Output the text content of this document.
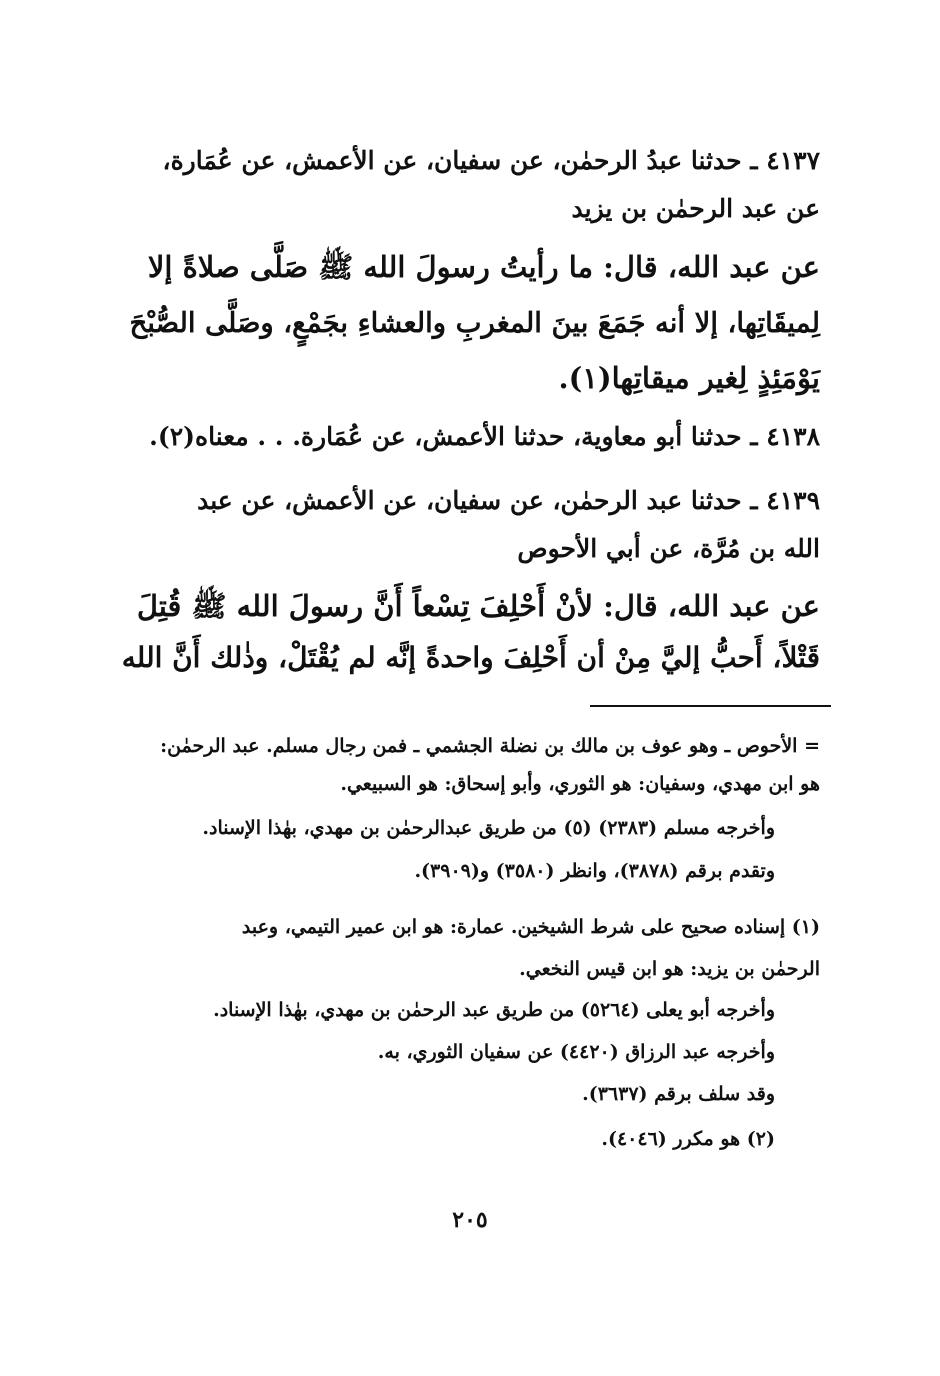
٤١٣٧ ـ حدثنا عبدُ الرحمٰن، عن سفيان، عن الأعمش، عن عُمَارة،
عن عبد الرحمٰن بن يزيد
عن عبد الله، قال: ما رأيتُ رسولَ الله ﷺ صَلَّى صلاةً إلا
لِميقَاتِها، إلا أنه جَمَعَ بينَ المغربِ والعشاءِ بجَمْعٍ، وصَلَّى الصُّبْحَ
يَوْمَئِذٍ لِغير ميقاتِها(١).
٤١٣٨ ـ حدثنا أبو معاوية، حدثنا الأعمش، عن عُمَارة. . . معناه(٢).
٤١٣٩ ـ حدثنا عبد الرحمٰن، عن سفيان، عن الأعمش، عن عبد
الله بن مُرَّة، عن أبي الأحوص
عن عبد الله، قال: لأنْ أَحْلِفَ تِسْعاً أَنَّ رسولَ الله ﷺ قُتِلَ
قَتْلاً، أَحبُّ إليَّ مِنْ أن أَحْلِفَ واحدةً إنَّه لم يُقْتَلْ، وذٰلك أَنَّ الله
= الأحوص ـ وهو عوف بن مالك بن نضلة الجشمي ـ فمن رجال مسلم. عبد الرحمٰن:
هو ابن مهدي، وسفيان: هو الثوري، وأبو إسحاق: هو السبيعي.
وأخرجه مسلم (٢٣٨٣) (٥) من طريق عبدالرحمٰن بن مهدي، بهٰذا الإسناد.
وتقدم برقم (٣٨٧٨)، وانظر (٣٥٨٠) و(٣٩٠٩).
(١) إسناده صحيح على شرط الشيخين. عمارة: هو ابن عمير التيمي، وعبد
الرحمٰن بن يزيد: هو ابن قيس النخعي.
وأخرجه أبو يعلى (٥٢٦٤) من طريق عبد الرحمٰن بن مهدي، بهٰذا الإسناد.
وأخرجه عبد الرزاق (٤٤٢٠) عن سفيان الثوري، به.
وقد سلف برقم (٣٦٣٧).
(٢) هو مكرر (٤٠٤٦).
٢٠٥
